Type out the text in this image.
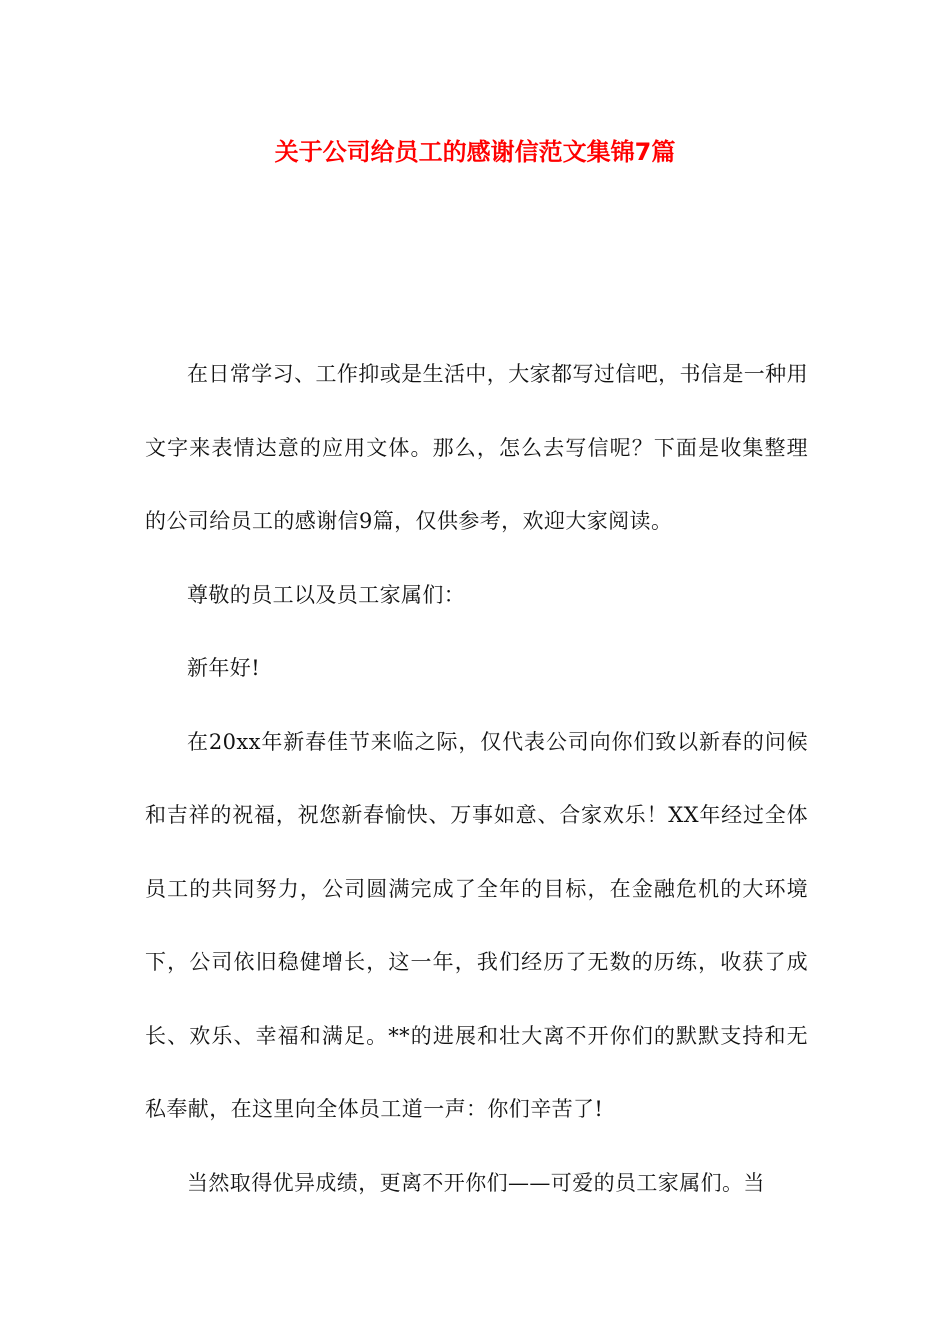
关于公司给员工的感谢信范文集锦7篇

在日常学习、工作抑或是生活中，大家都写过信吧，书信是一种用文字来表情达意的应用文体。那么，怎么去写信呢？下面是收集整理的公司给员工的感谢信9篇，仅供参考，欢迎大家阅读。

尊敬的员工以及员工家属们：

新年好!

在20xx年新春佳节来临之际，仅代表公司向你们致以新春的问候和吉祥的祝福，祝您新春愉快、万事如意、合家欢乐！XX年经过全体员工的共同努力，公司圆满完成了全年的目标，在金融危机的大环境下，公司依旧稳健增长，这一年，我们经历了无数的历练，收获了成长、欢乐、幸福和满足。**的进展和壮大离不开你们的默默支持和无私奉献，在这里向全体员工道一声：你们辛苦了!

当然取得优异成绩，更离不开你们——可爱的员工家属们。当
